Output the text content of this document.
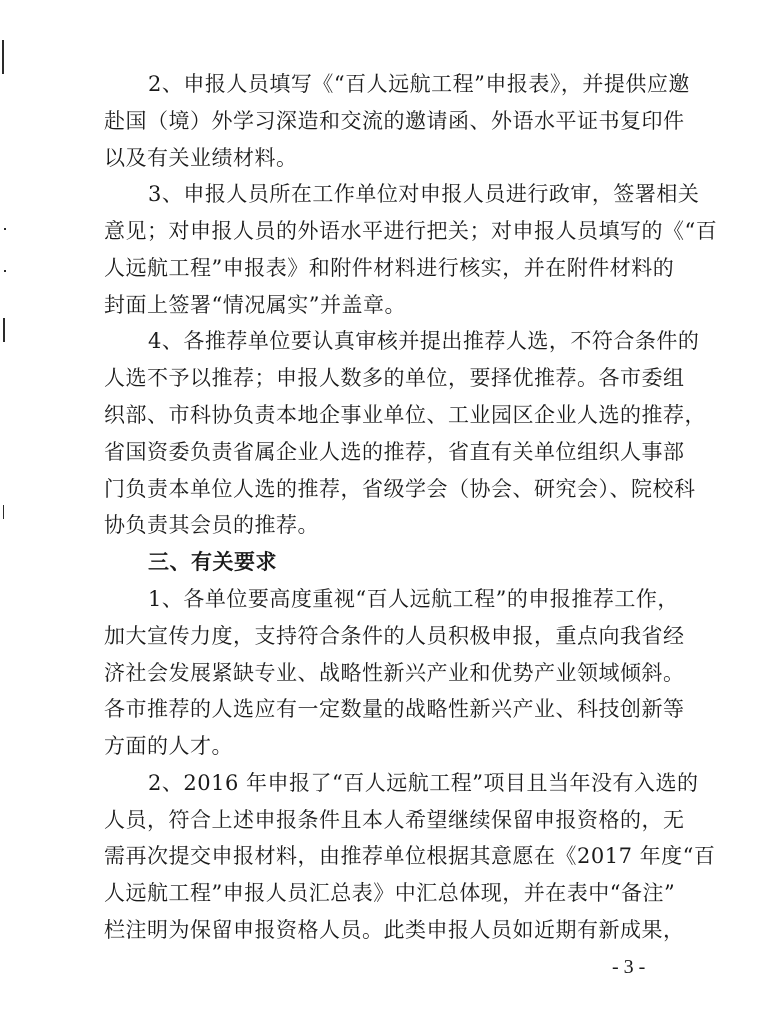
2、申报人员填写《“百人远航工程”申报表》，并提供应邀
赴国（境）外学习深造和交流的邀请函、外语水平证书复印件
以及有关业绩材料。
3、申报人员所在工作单位对申报人员进行政审，签署相关
意见；对申报人员的外语水平进行把关；对申报人员填写的《“百
人远航工程”申报表》和附件材料进行核实，并在附件材料的
封面上签署“情况属实”并盖章。
4、各推荐单位要认真审核并提出推荐人选，不符合条件的
人选不予以推荐；申报人数多的单位，要择优推荐。各市委组
织部、市科协负责本地企事业单位、工业园区企业人选的推荐，
省国资委负责省属企业人选的推荐，省直有关单位组织人事部
门负责本单位人选的推荐，省级学会（协会、研究会）、院校科
协负责其会员的推荐。
三、有关要求
1、各单位要高度重视“百人远航工程”的申报推荐工作，
加大宣传力度，支持符合条件的人员积极申报，重点向我省经
济社会发展紧缺专业、战略性新兴产业和优势产业领域倾斜。
各市推荐的人选应有一定数量的战略性新兴产业、科技创新等
方面的人才。
2、2016 年申报了“百人远航工程”项目且当年没有入选的
人员，符合上述申报条件且本人希望继续保留申报资格的，无
需再次提交申报材料，由推荐单位根据其意愿在《2017 年度“百
人远航工程”申报人员汇总表》中汇总体现，并在表中“备注”
栏注明为保留申报资格人员。此类申报人员如近期有新成果，
- 3 -
